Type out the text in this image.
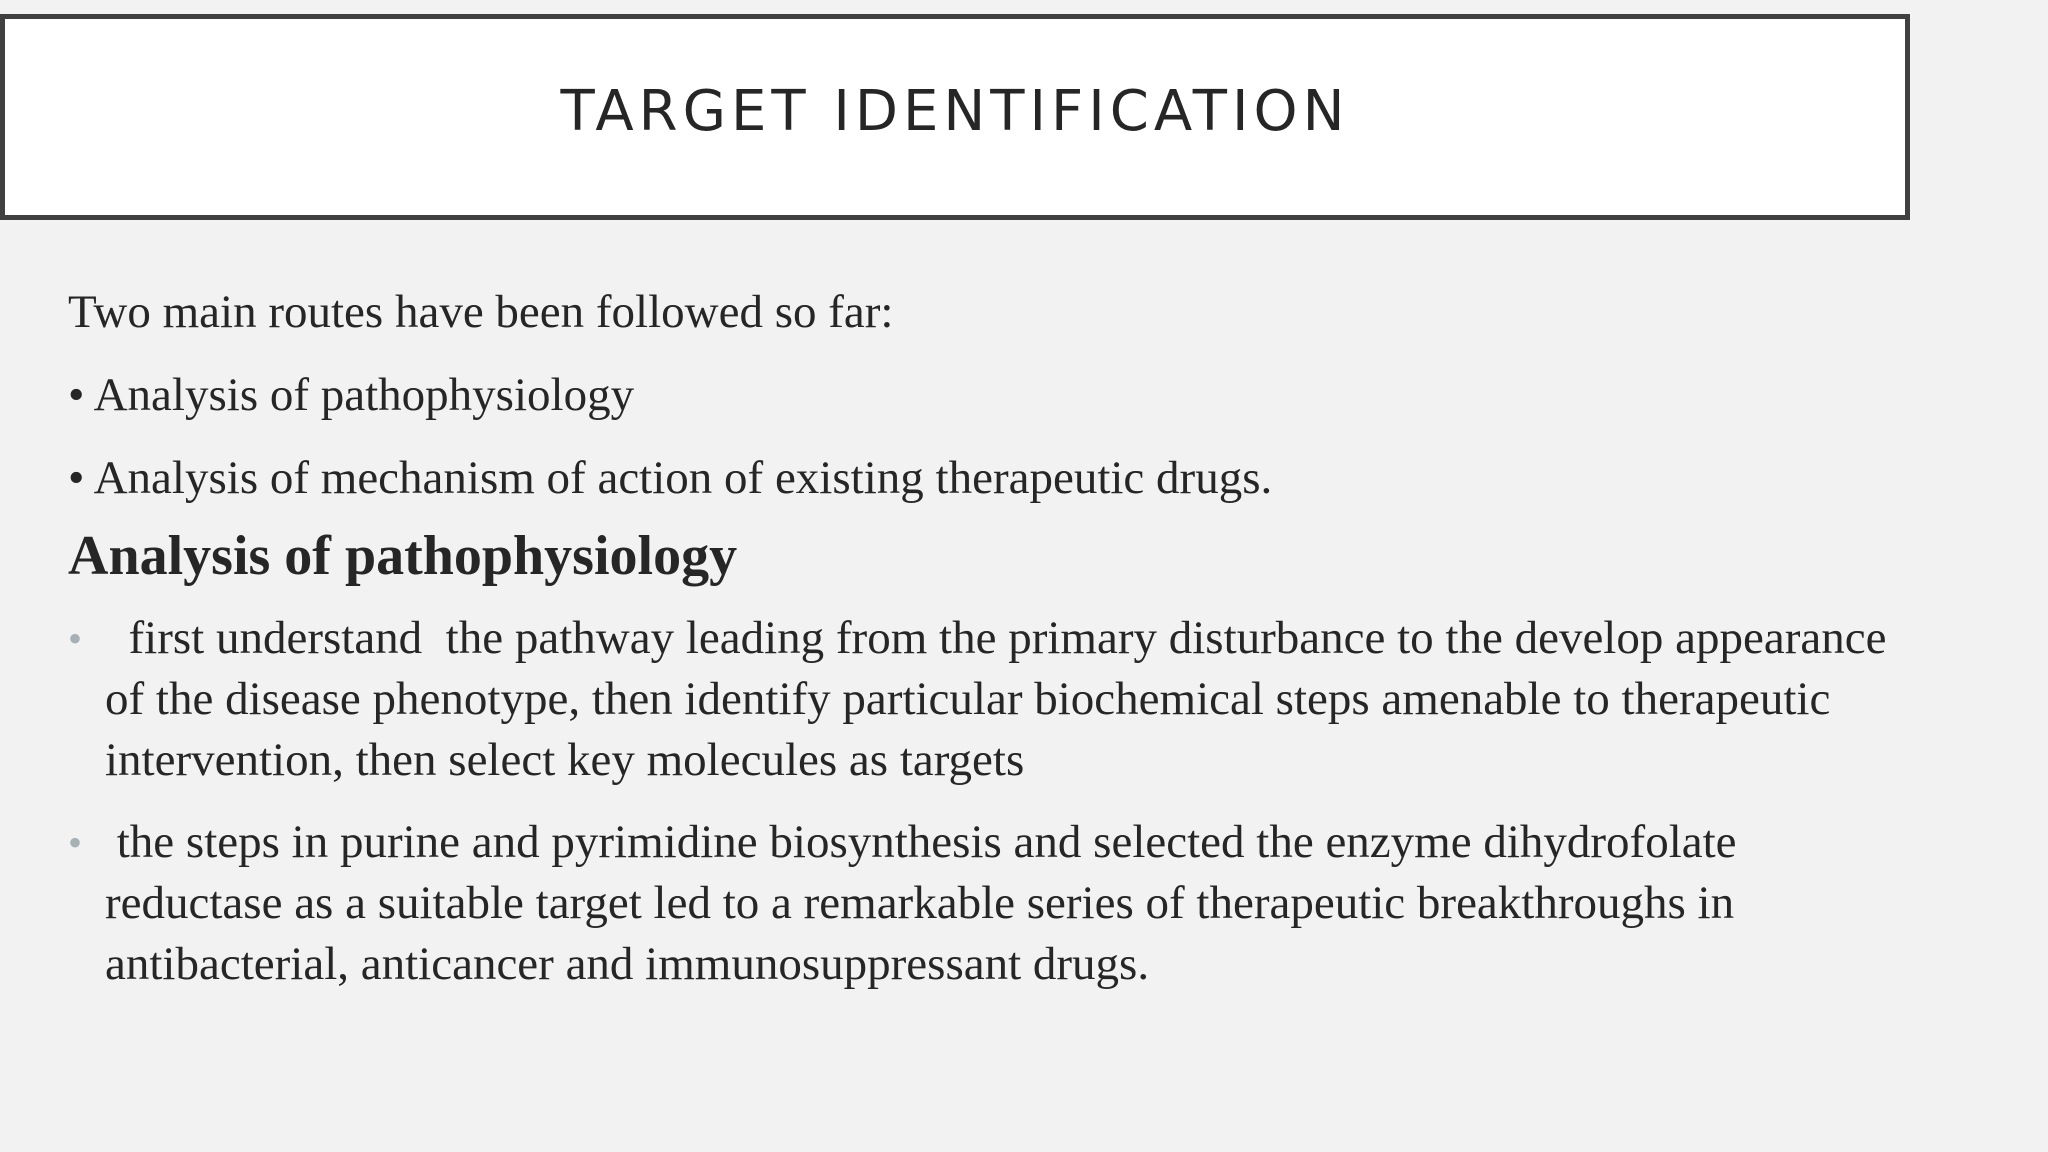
TARGET IDENTIFICATION

Two main routes have been followed so far:

• Analysis of pathophysiology

• Analysis of mechanism of action of existing therapeutic drugs.

Analysis of pathophysiology
• first understand  the pathway leading from the primary disturbance to the develop appearance of the disease phenotype, then identify particular biochemical steps amenable to therapeutic intervention, then select key molecules as targets
• the steps in purine and pyrimidine biosynthesis and selected the enzyme dihydrofolate reductase as a suitable target led to a remarkable series of therapeutic breakthroughs in antibacterial, anticancer and immunosuppressant drugs.
